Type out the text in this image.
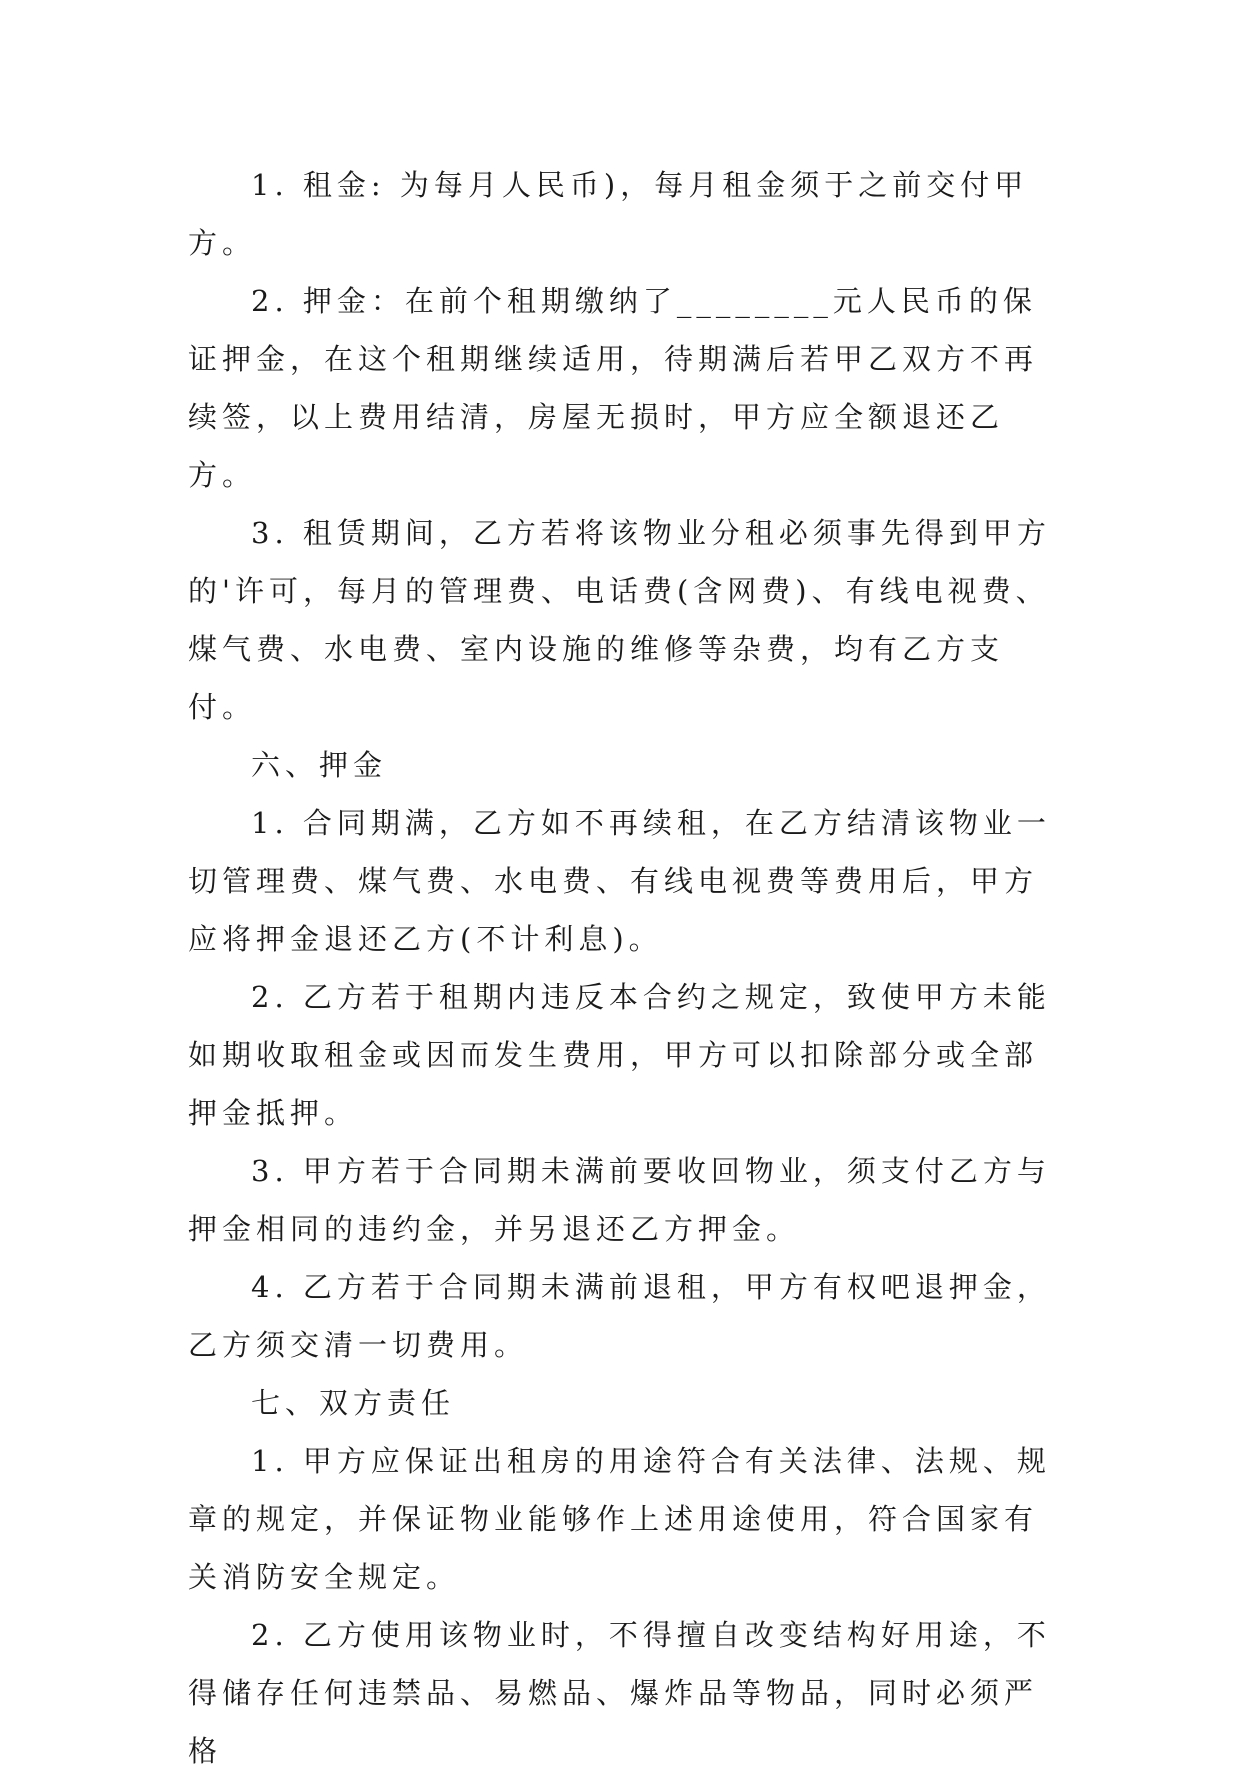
1. 租金: 为每月人民币)，每月租金须于之前交付甲方。

2. 押金：在前个租期缴纳了________元人民币的保证押金，在这个租期继续适用，待期满后若甲乙双方不再续签，以上费用结清，房屋无损时，甲方应全额退还乙方。

3. 租赁期间，乙方若将该物业分租必须事先得到甲方的'许可，每月的管理费、电话费(含网费)、有线电视费、煤气费、水电费、室内设施的维修等杂费，均有乙方支付。

六、押金

1. 合同期满，乙方如不再续租，在乙方结清该物业一切管理费、煤气费、水电费、有线电视费等费用后，甲方应将押金退还乙方(不计利息)。

2. 乙方若于租期内违反本合约之规定，致使甲方未能如期收取租金或因而发生费用，甲方可以扣除部分或全部押金抵押。

3. 甲方若于合同期未满前要收回物业，须支付乙方与押金相同的违约金，并另退还乙方押金。

4. 乙方若于合同期未满前退租，甲方有权吧退押金，乙方须交清一切费用。

七、双方责任

1. 甲方应保证出租房的用途符合有关法律、法规、规章的规定，并保证物业能够作上述用途使用，符合国家有关消防安全规定。

2. 乙方使用该物业时，不得擅自改变结构好用途，不得储存任何违禁品、易燃品、爆炸品等物品，同时必须严格
